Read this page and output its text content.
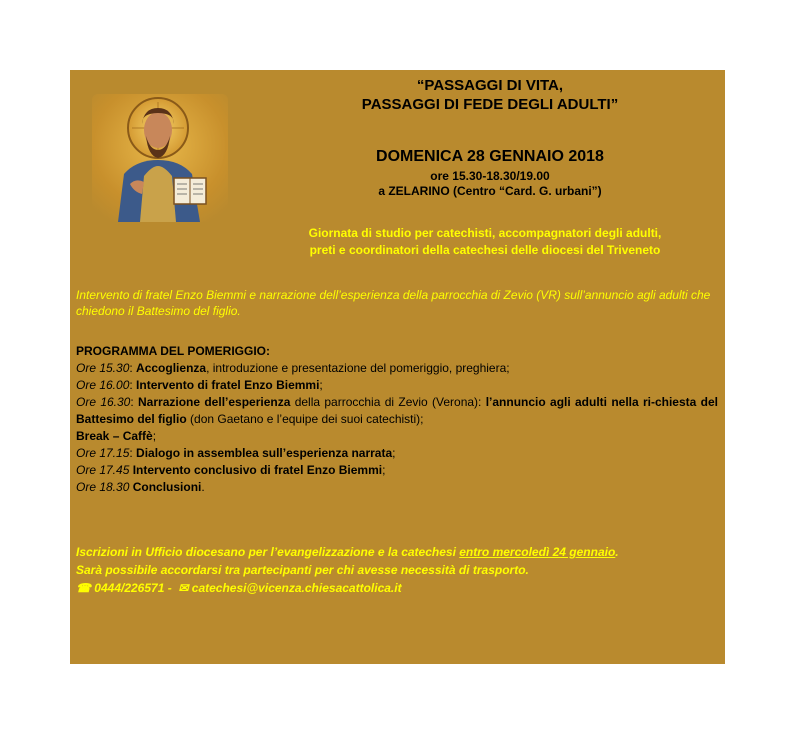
“PASSAGGI DI VITA,
PASSAGGI DI FEDE DEGLI ADULTI”
DOMENICA 28 GENNAIO 2018
ore 15.30-18.30/19.00
a ZELARINO (Centro “Card. G. urbani”)
Giornata di studio per catechisti, accompagnatori degli adulti,
preti e coordinatori della catechesi delle diocesi del Triveneto
Intervento di fratel Enzo Biemmi e narrazione dell’esperienza della parrocchia di Zevio (VR) sull’annuncio agli adulti che chiedono il Battesimo del figlio.
PROGRAMMA DEL POMERIGGIO:
Ore 15.30: Accoglienza, introduzione e presentazione del pomeriggio, preghiera;
Ore 16.00: Intervento di fratel Enzo Biemmi;
Ore 16.30: Narrazione dell’esperienza della parrocchia di Zevio (Verona): l’annuncio agli adulti nella ri-chiesta del Battesimo del figlio (don Gaetano e l’equipe dei suoi catechisti);
Break – Caffè;
Ore 17.15: Dialogo in assemblea sull’esperienza narrata;
Ore 17.45 Intervento conclusivo di fratel Enzo Biemmi;
Ore 18.30 Conclusioni.
Iscrizioni in Ufficio diocesano per l’evangelizzazione e la catechesi entro mercoledì 24 gennaio.
Sarà possibile accordarsi tra partecipanti per chi avesse necessità di trasporto.
☎ 0444/226571 - ✉ catechesi@vicenza.chiesacattolica.it
